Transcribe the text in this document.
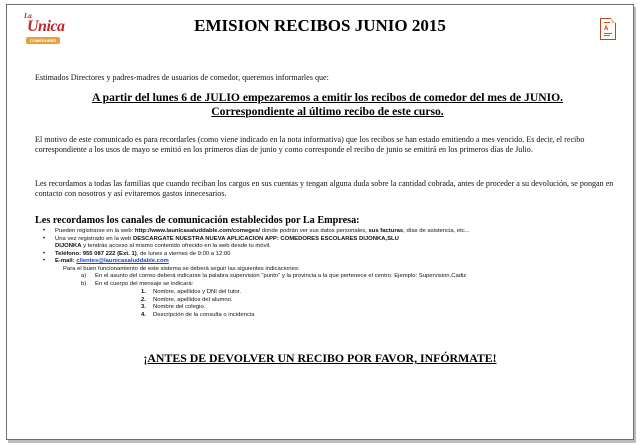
La
Unica
COMEDORES ESCOLARES
EMISION RECIBOS JUNIO 2015	A

Estimados Directores y padres-madres de usuarios de comedor, queremos informarles que:

A partir del lunes 6 de JULIO empezaremos a emitir los recibos de comedor del mes de JUNIO.
Correspondiente al último recibo de este curso.

El motivo de este comunicado es para recordarles (como viene indicado en la nota informativa) que los recibos se han estado emitiendo a mes vencido. Es decir, el recibo correspondiente a los usos de mayo se emitió en los primeros días de junio y como corresponde el recibo de junio se emitirá en los primeros días de Julio.

Les recordamos a todas las familias que cuando reciban los cargos en sus cuentas y tengan alguna duda sobre la cantidad cobrada, antes de proceder a su devolución, se pongan en contacto con nosotros y así evitaremos gastos innecesarios.

Les recordamos los canales de comunicación establecidos por La Empresa:
• Pueden registrarse en la web: http://www.launicasaluddable.com/comeges/ donde podrán ver sus datos personales, sus facturas, días de asistencia, etc...
• Una vez registrado en la web DESCARGATE NUESTRA NUEVA APLICACION APP: COMEDORES ESCOLARES DIJONKA,SLU
DIJONKA y tendrás acceso al mismo contenido ofrecido en la web desde tu móvil.
• Teléfono: 955 087 222 (Ext. 1), de lunes a viernes de 9:00 a 12:00
• E-mail: clientes@launicasaluddable.com
Para el buen funcionamiento de este sistema se deberá seguir las siguientes indicaciones:
a) En el asunto del correo deberá indicarse la palabra supervision "punto" y la provincia a la que pertenece el centro. Ejemplo: Supervision.Cadiz
b) En el cuerpo del mensaje se indicará:
1. Nombre, apellidos y DNI del tutor.
2. Nombre, apellidos del alumno.
3. Nombre del colegio.
4. Descripción de la consulta o incidencia
¡ANTES DE DEVOLVER UN RECIBO POR FAVOR, INFÓRMATE!
